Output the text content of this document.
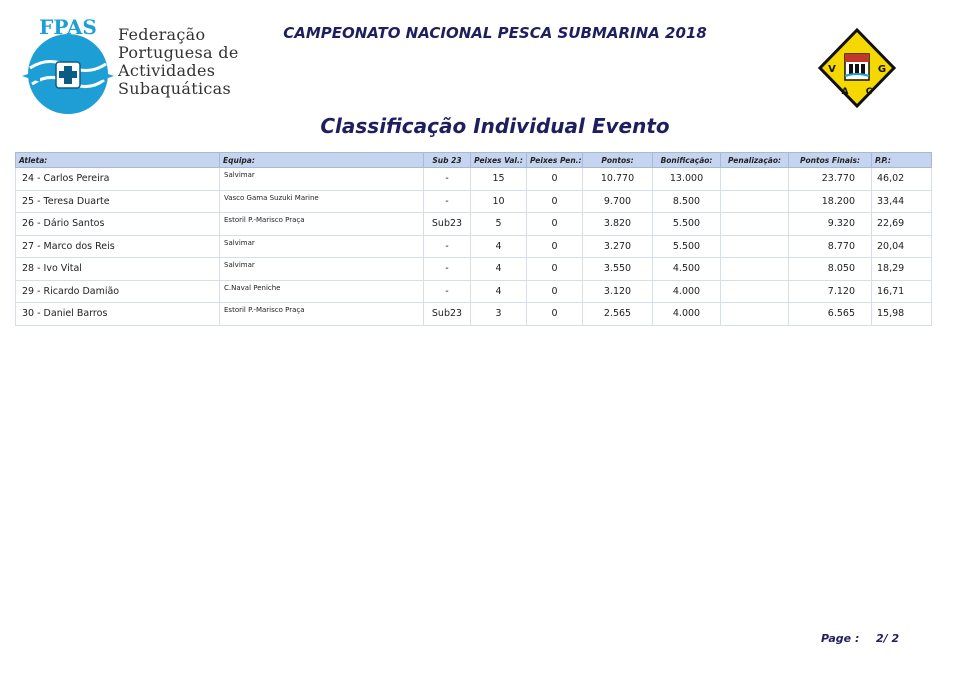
FPAS Federação
Portuguesa de
Actividades
Subaquáticas
CAMPEONATO NACIONAL PESCA SUBMARINA 2018
V	G
A C
Classificação Individual Evento
Atleta:	Equipa:	Sub 23	Peixes Val.:	Peixes Pen.:	Pontos:	Bonificação:	Penalização:	Pontos Finais:	P.P.:
24 - Carlos Pereira	Salvimar	-	15	0	10.770	13.000		23.770	46,02
25 - Teresa Duarte	Vasco Gama Suzuki Marine	-	10	0	9.700	8.500		18.200	33,44
26 - Dário Santos	Estoril P.-Marisco Praça	Sub23	5	0	3.820	5.500		9.320	22,69
27 - Marco dos Reis	Salvimar	-	4	0	3.270	5.500		8.770	20,04
28 - Ivo Vital	Salvimar	-	4	0	3.550	4.500		8.050	18,29
29 - Ricardo Damião	C.Naval Peniche	-	4	0	3.120	4.000		7.120	16,71
30 - Daniel Barros	Estoril P.-Marisco Praça	Sub23	3	0	2.565	4.000		6.565	15,98
Page : 2/ 2
